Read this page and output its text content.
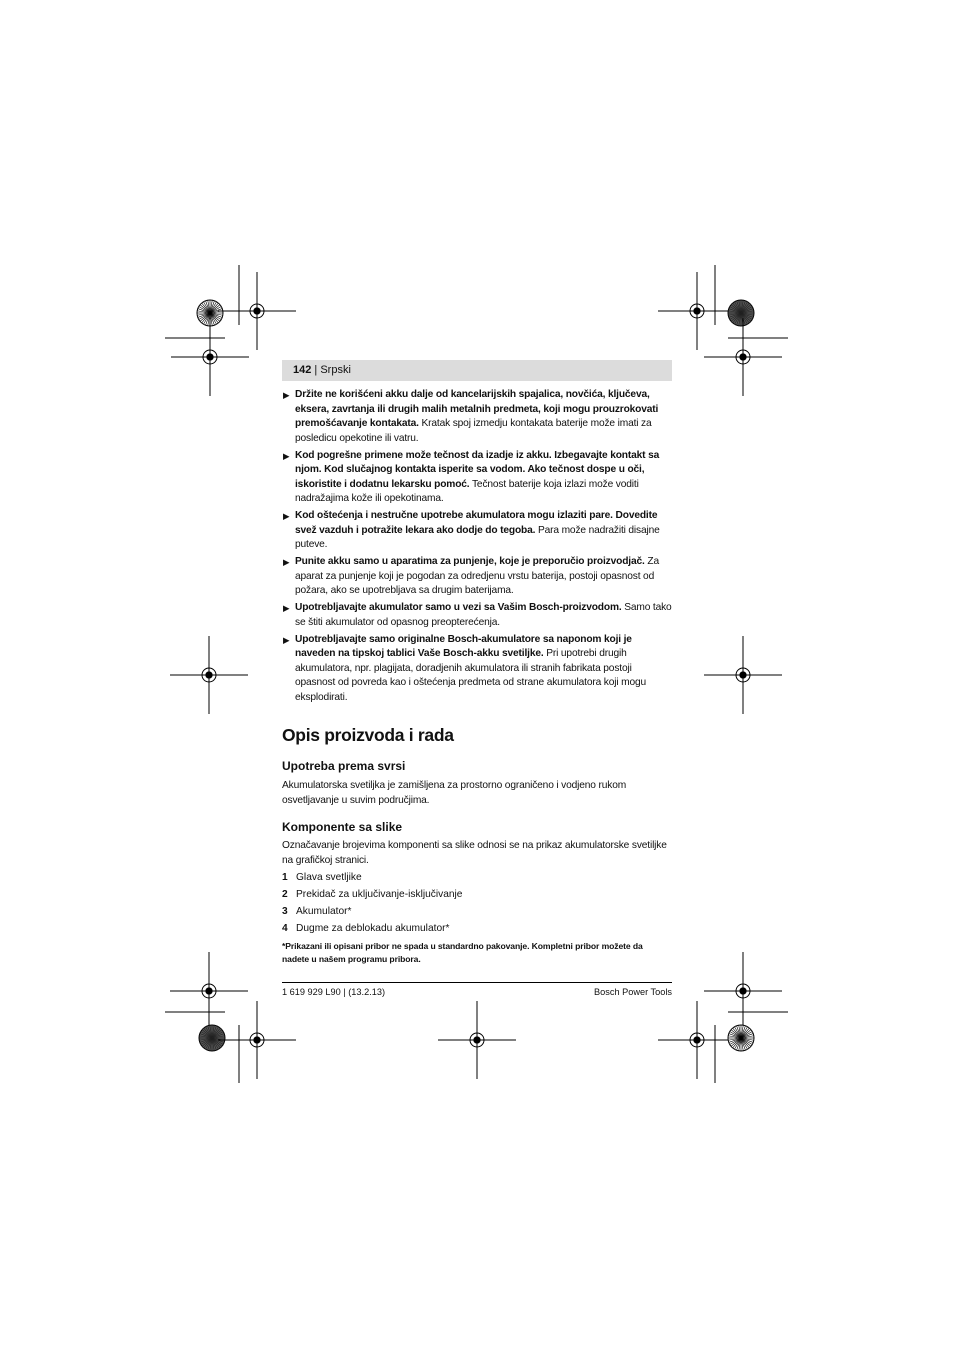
142 | Srpski
▶ Držite ne korišćeni akku dalje od kancelarijskih spajalica, novčića, ključeva, eksera, zavrtanja ili drugih malih metalnih predmeta, koji mogu prouzrokovati premošćavanje kontakata. Kratak spoj izmedju kontakata baterije može imati za posledicu opekotine ili vatru.
▶ Kod pogrešne primene može tečnost da izadje iz akku. Izbegavajte kontakt sa njom. Kod slučajnog kontakta isperite sa vodom. Ako tečnost dospe u oči, iskoristite i dodatnu lekarsku pomoć. Tečnost baterije koja izlazi može voditi nadražajima kože ili opekotinama.
▶ Kod oštećenja i nestručne upotrebe akumulatora mogu izlaziti pare. Dovedite svež vazduh i potražite lekara ako dodje do tegoba. Para može nadražiti disajne puteve.
▶ Punite akku samo u aparatima za punjenje, koje je preporučio proizvodjač. Za aparat za punjenje koji je pogodan za odredjenu vrstu baterija, postoji opasnost od požara, ako se upotrebljava sa drugim baterijama.
▶ Upotrebljavajte akumulator samo u vezi sa Vašim Bosch-proizvodom. Samo tako se štiti akumulator od opasnog preopterećenja.
▶ Upotrebljavajte samo originalne Bosch-akumulatore sa naponom koji je naveden na tipskoj tablici Vaše Bosch-akku svetiljke. Pri upotrebi drugih akumulatora, npr. plagijata, doradjenih akumulatora ili stranih fabrikata postoji opasnost od povreda kao i oštećenja predmeta od strane akumulatora koji mogu eksplodirati.
Opis proizvoda i rada
Upotreba prema svrsi

Akumulatorska svetiljka je zamišljena za prostorno ograničeno i vodjeno rukom osvetljavanje u suvim područjima.

Komponente sa slike

Označavanje brojevima komponenti sa slike odnosi se na prikaz akumulatorske svetiljke na grafičkoj stranici.

1 Glava svetljike
2 Prekidač za uključivanje-isključivanje
3 Akumulator*
4 Dugme za deblokadu akumulator*
*Prikazani ili opisani pribor ne spada u standardno pakovanje. Kompletni pribor možete da nadete u našem programu pribora.
1 619 929 L90 | (13.2.13)	Bosch Power Tools
